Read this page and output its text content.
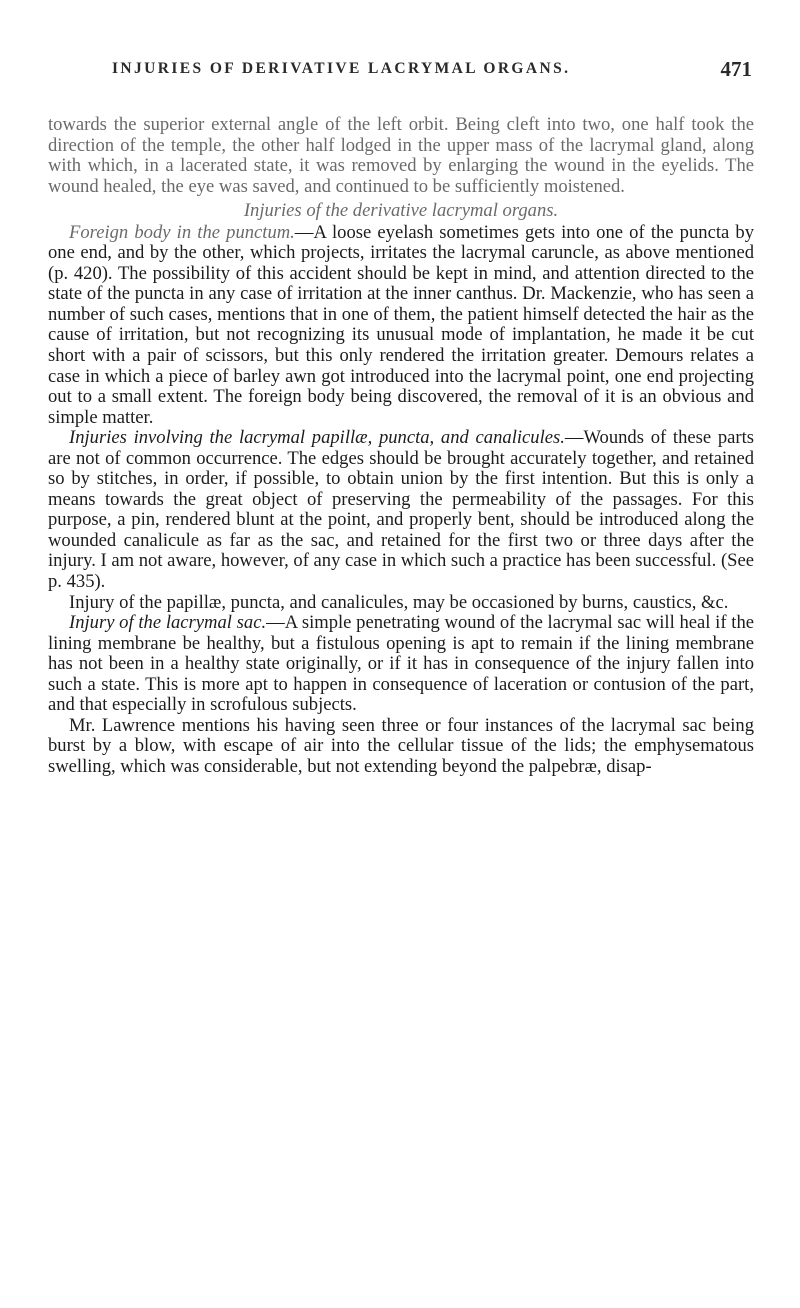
INJURIES OF DERIVATIVE LACRYMAL ORGANS.	471

towards the superior external angle of the left orbit. Being cleft into two, one half took the direction of the temple, the other half lodged in the upper mass of the lacrymal gland, along with which, in a lacerated state, it was removed by enlarging the wound in the eyelids. The wound healed, the eye was saved, and continued to be sufficiently moistened.

Injuries of the derivative lacrymal organs.

Foreign body in the punctum.—A loose eyelash sometimes gets into one of the puncta by one end, and by the other, which projects, irritates the lacrymal caruncle, as above mentioned (p. 420). The possibility of this accident should be kept in mind, and attention directed to the state of the puncta in any case of irritation at the inner canthus. Dr. Mackenzie, who has seen a number of such cases, mentions that in one of them, the patient himself detected the hair as the cause of irritation, but not recognizing its unusual mode of implantation, he made it be cut short with a pair of scissors, but this only rendered the irritation greater. Demours relates a case in which a piece of barley awn got introduced into the lacrymal point, one end projecting out to a small extent. The foreign body being discovered, the removal of it is an obvious and simple matter.

Injuries involving the lacrymal papillæ, puncta, and canalicules.—Wounds of these parts are not of common occurrence. The edges should be brought accurately together, and retained so by stitches, in order, if possible, to obtain union by the first intention. But this is only a means towards the great object of preserving the permeability of the passages. For this purpose, a pin, rendered blunt at the point, and properly bent, should be introduced along the wounded canalicule as far as the sac, and retained for the first two or three days after the injury. I am not aware, however, of any case in which such a practice has been successful. (See p. 435).

Injury of the papillæ, puncta, and canalicules, may be occasioned by burns, caustics, &c.

Injury of the lacrymal sac.—A simple penetrating wound of the lacrymal sac will heal if the lining membrane be healthy, but a fistulous opening is apt to remain if the lining membrane has not been in a healthy state originally, or if it has in consequence of the injury fallen into such a state. This is more apt to happen in consequence of laceration or contusion of the part, and that especially in scrofulous subjects.

Mr. Lawrence mentions his having seen three or four instances of the lacrymal sac being burst by a blow, with escape of air into the cellular tissue of the lids; the emphysematous swelling, which was considerable, but not extending beyond the palpebræ, disap-
